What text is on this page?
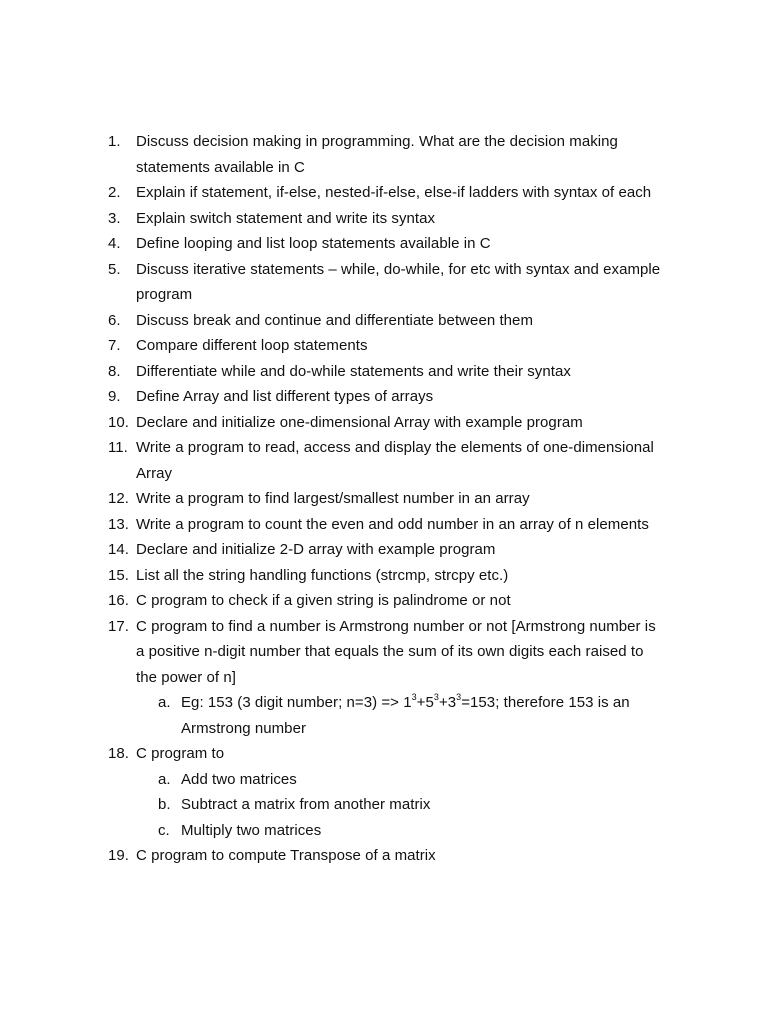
1. Discuss decision making in programming. What are the decision making statements available in C
2. Explain if statement, if-else, nested-if-else, else-if ladders with syntax of each
3. Explain switch statement and write its syntax
4. Define looping and list loop statements available in C
5. Discuss iterative statements – while, do-while, for etc with syntax and example program
6. Discuss break and continue and differentiate between them
7. Compare different loop statements
8. Differentiate while and do-while statements and write their syntax
9. Define Array and list different types of arrays
10. Declare and initialize one-dimensional Array with example program
11. Write a program to read, access and display the elements of one-dimensional Array
12. Write a program to find largest/smallest number in an array
13. Write a program to count the even and odd number in an array of n elements
14. Declare and initialize 2-D array with example program
15. List all the string handling functions (strcmp, strcpy etc.)
16. C program to check if a given string is palindrome or not
17. C program to find a number is Armstrong number or not [Armstrong number is a positive n-digit number that equals the sum of its own digits each raised to the power of n]
a. Eg: 153 (3 digit number; $n=3) => 1^3+5^3+3^3=153$; therefore 153 is an Armstrong number
18. C program to
a. Add two matrices
b. Subtract a matrix from another matrix
c. Multiply two matrices
19. C program to compute Transpose of a matrix
